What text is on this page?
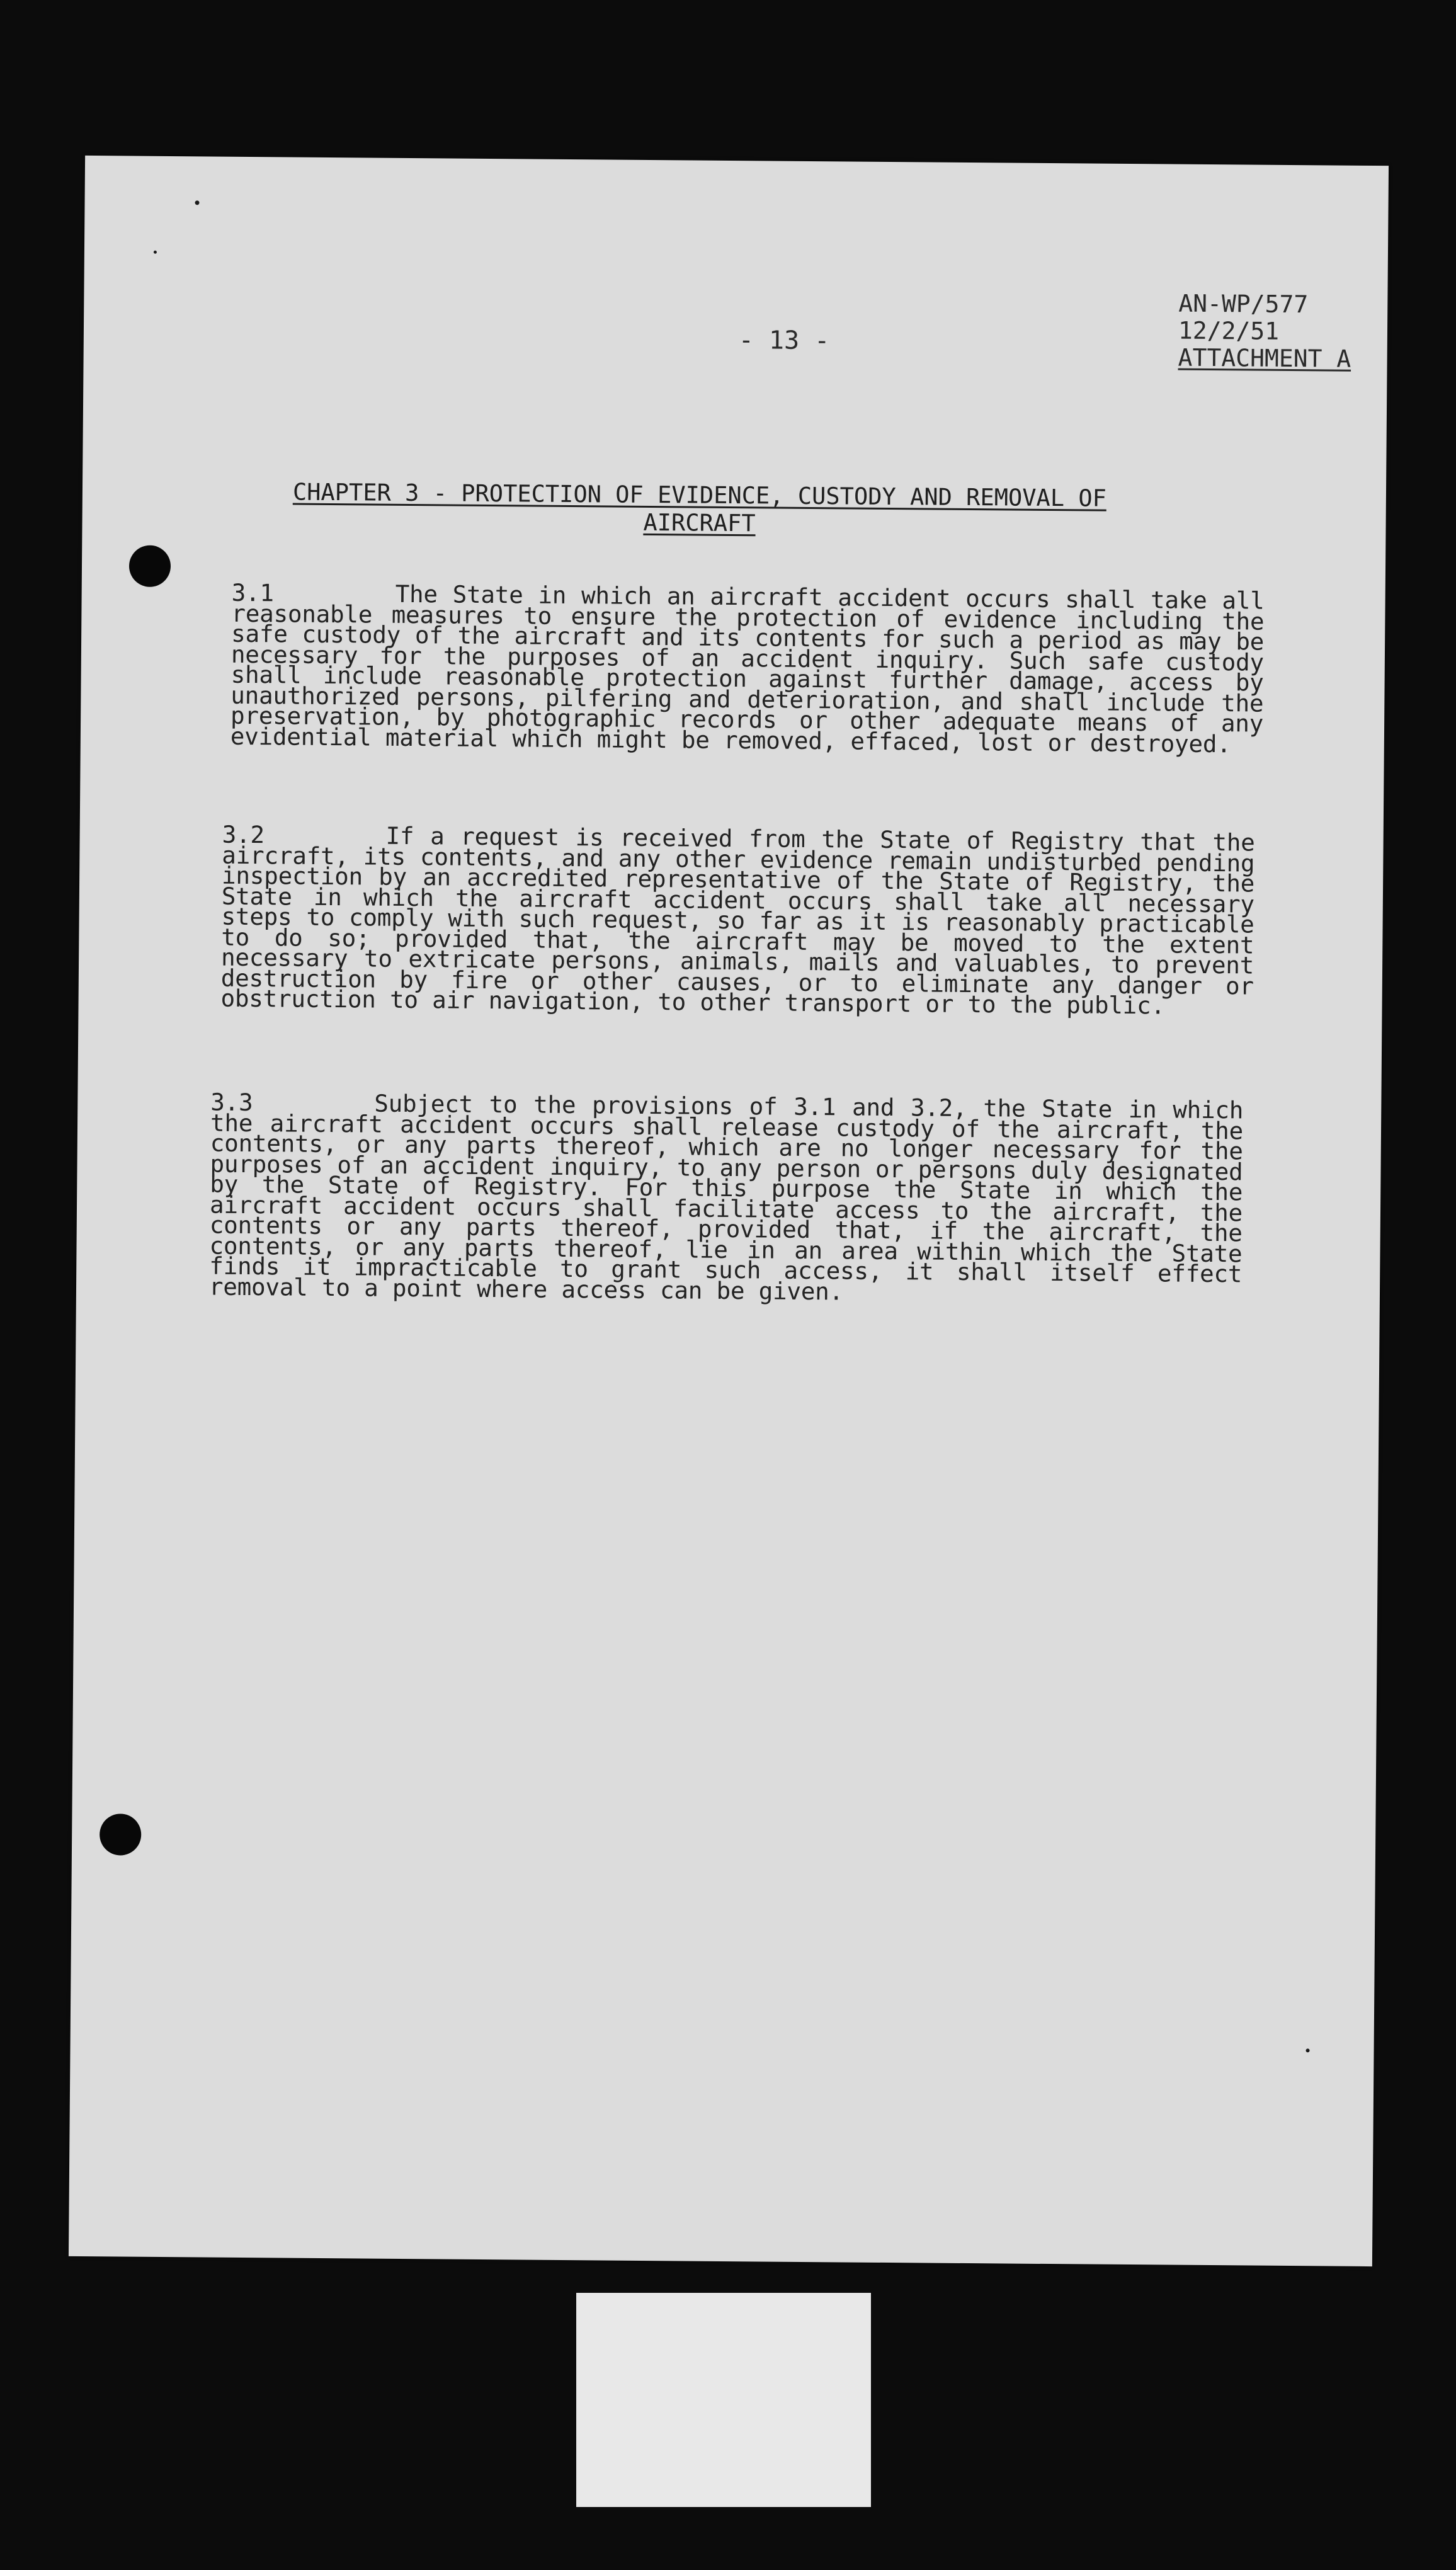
- 13 -
AN-WP/577
12/2/51
ATTACHMENT A
CHAPTER 3 - PROTECTION OF EVIDENCE, CUSTODY AND REMOVAL OF AIRCRAFT
3.1	The State in which an aircraft accident occurs shall take all reasonable measures to ensure the protection of evidence including the safe custody of the aircraft and its contents for such a period as may be necessary for the purposes of an accident inquiry. Such safe custody shall include reasonable protection against further damage, access by unauthorized persons, pilfering and deterioration, and shall include the preservation, by photographic records or other adequate means of any evidential material which might be removed, effaced, lost or destroyed.
3.2	If a request is received from the State of Registry that the aircraft, its contents, and any other evidence remain undisturbed pending inspection by an accredited representative of the State of Registry, the State in which the aircraft accident occurs shall take all necessary steps to comply with such request, so far as it is reasonably practicable to do so; provided that, the aircraft may be moved to the extent necessary to extricate persons, animals, mails and valuables, to prevent destruction by fire or other causes, or to eliminate any danger or obstruction to air navigation, to other transport or to the public.
3.3	Subject to the provisions of 3.1 and 3.2, the State in which the aircraft accident occurs shall release custody of the aircraft, the contents, or any parts thereof, which are no longer necessary for the purposes of an accident inquiry, to any person or persons duly designated by the State of Registry. For this purpose the State in which the aircraft accident occurs shall facilitate access to the aircraft, the contents or any parts thereof, provided that, if the aircraft, the contents, or any parts thereof, lie in an area within which the State finds it impracticable to grant such access, it shall itself effect removal to a point where access can be given.
